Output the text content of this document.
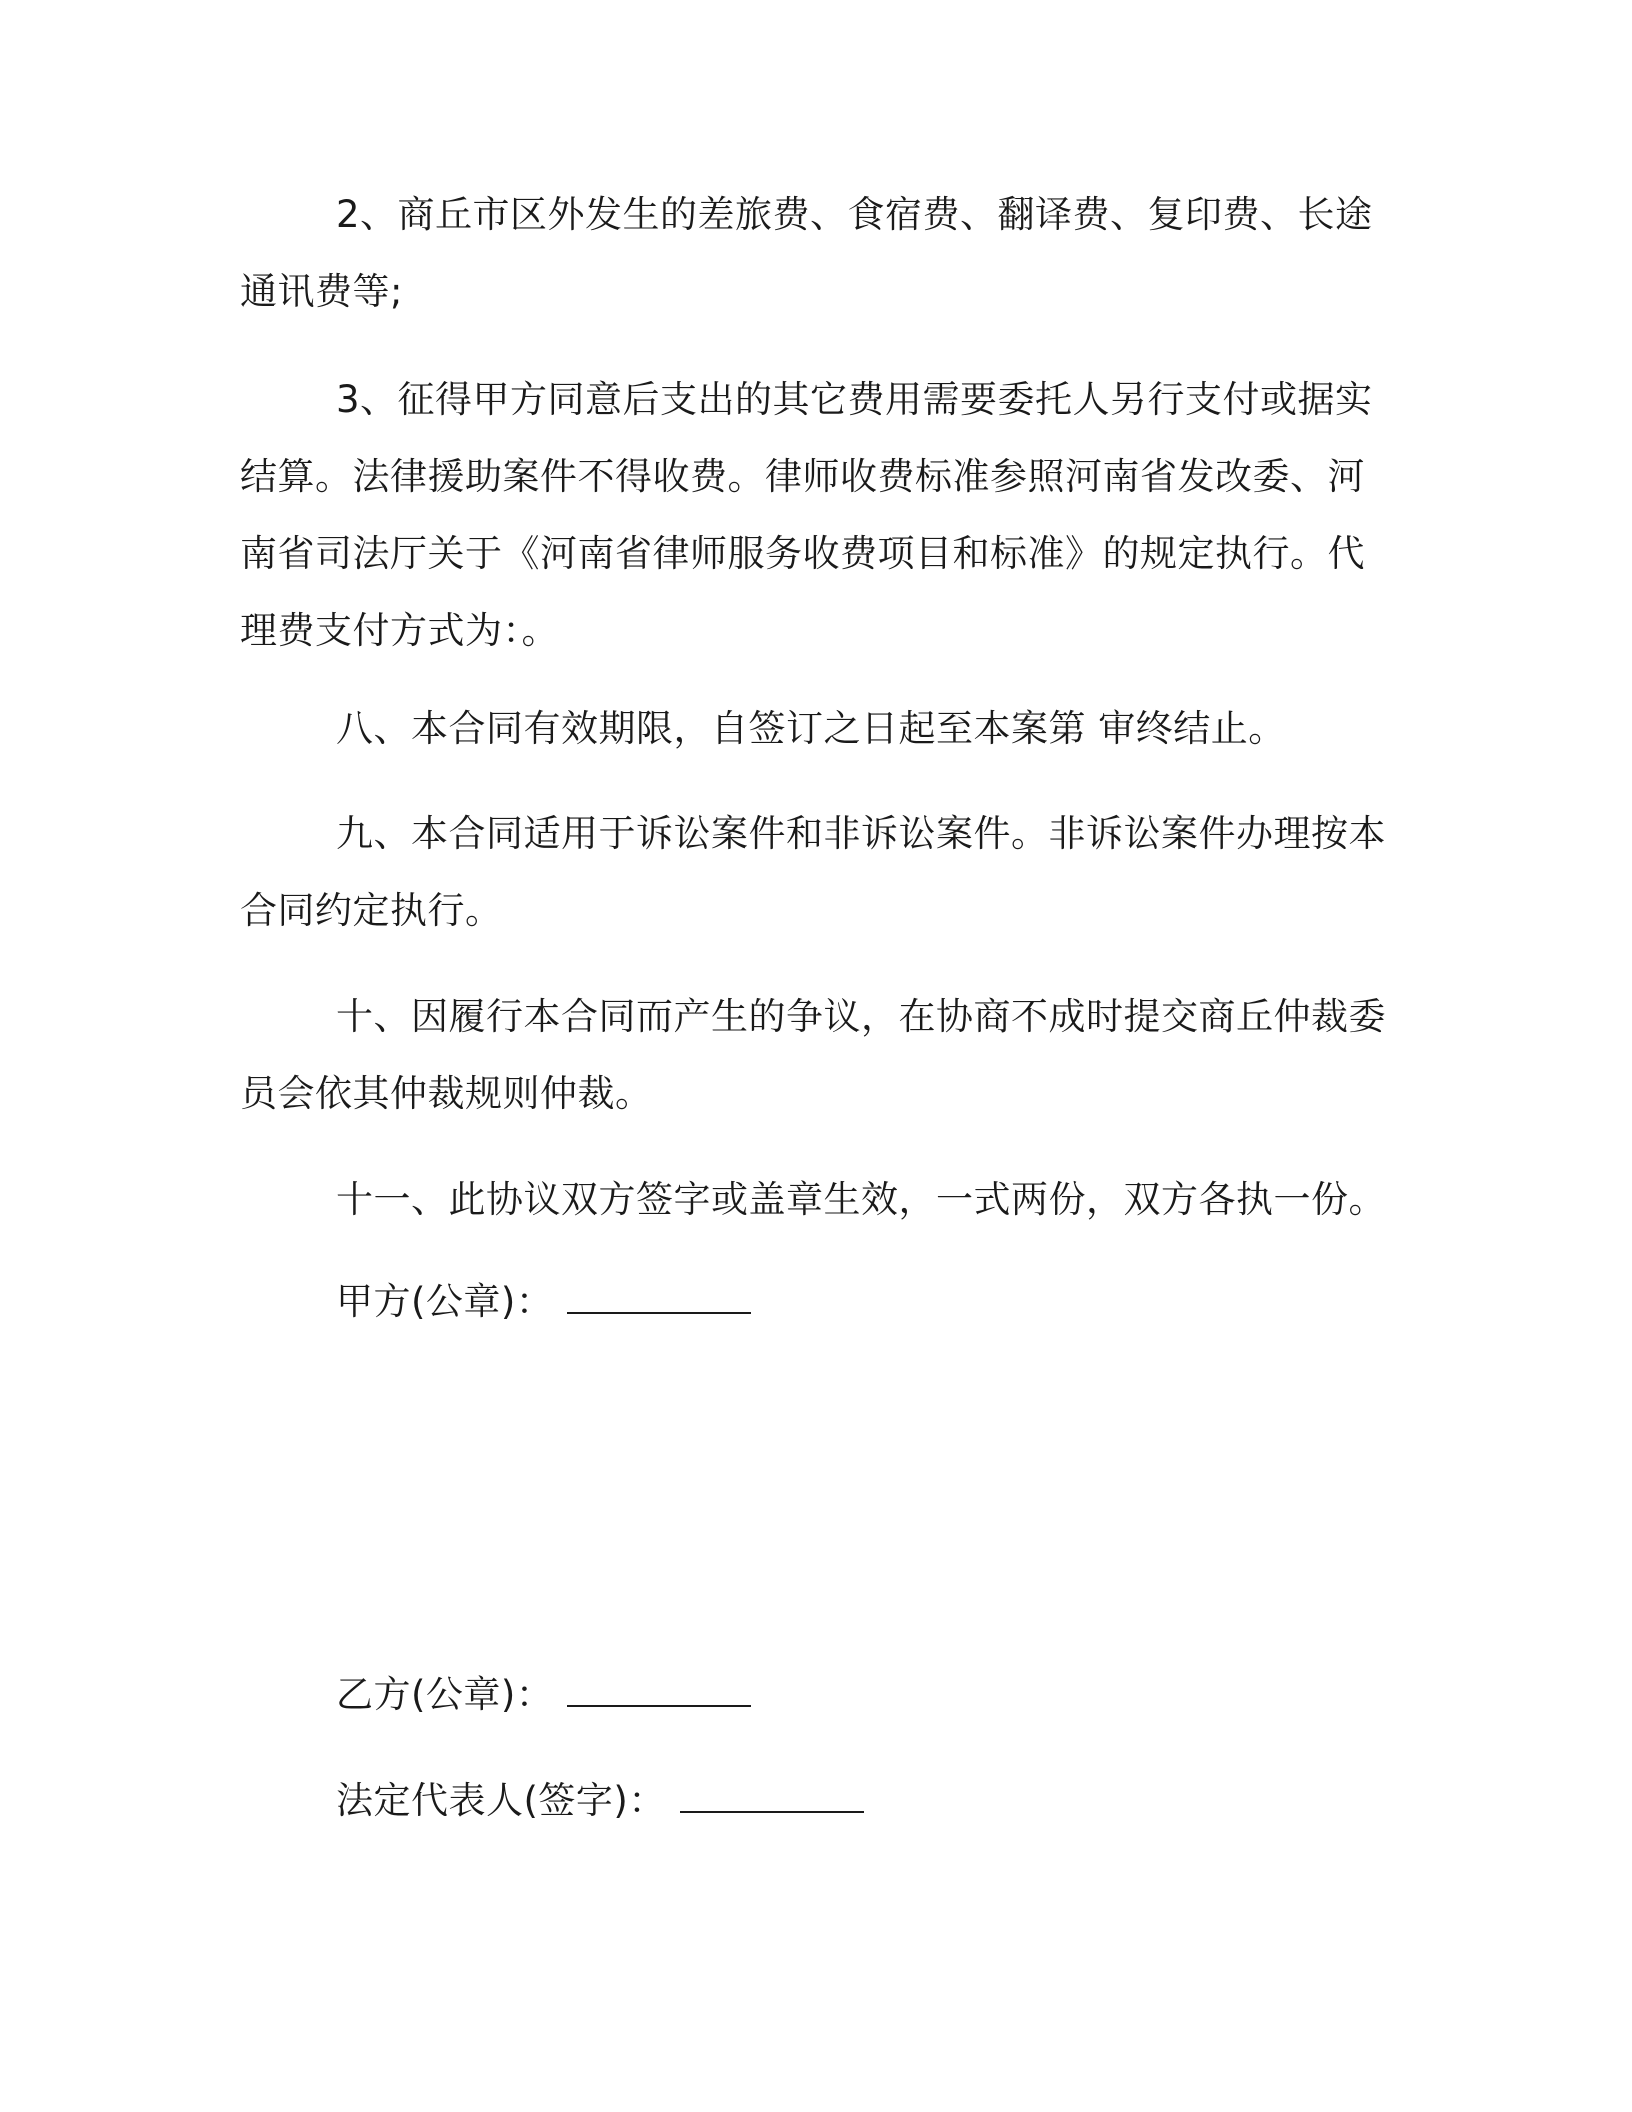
2、商丘市区外发生的差旅费、食宿费、翻译费、复印费、长途通讯费等;

3、征得甲方同意后支出的其它费用需要委托人另行支付或据实结算。法律援助案件不得收费。律师收费标准参照河南省发改委、河南省司法厅关于《河南省律师服务收费项目和标准》的规定执行。代理费支付方式为：。

八、本合同有效期限，自签订之日起至本案第 审终结止。

九、本合同适用于诉讼案件和非诉讼案件。非诉讼案件办理按本合同约定执行。

十、因履行本合同而产生的争议，在协商不成时提交商丘仲裁委员会依其仲裁规则仲裁。

十一、此协议双方签字或盖章生效，一式两份，双方各执一份。

甲方(公章)：
乙方(公章)：
法定代表人(签字)：
